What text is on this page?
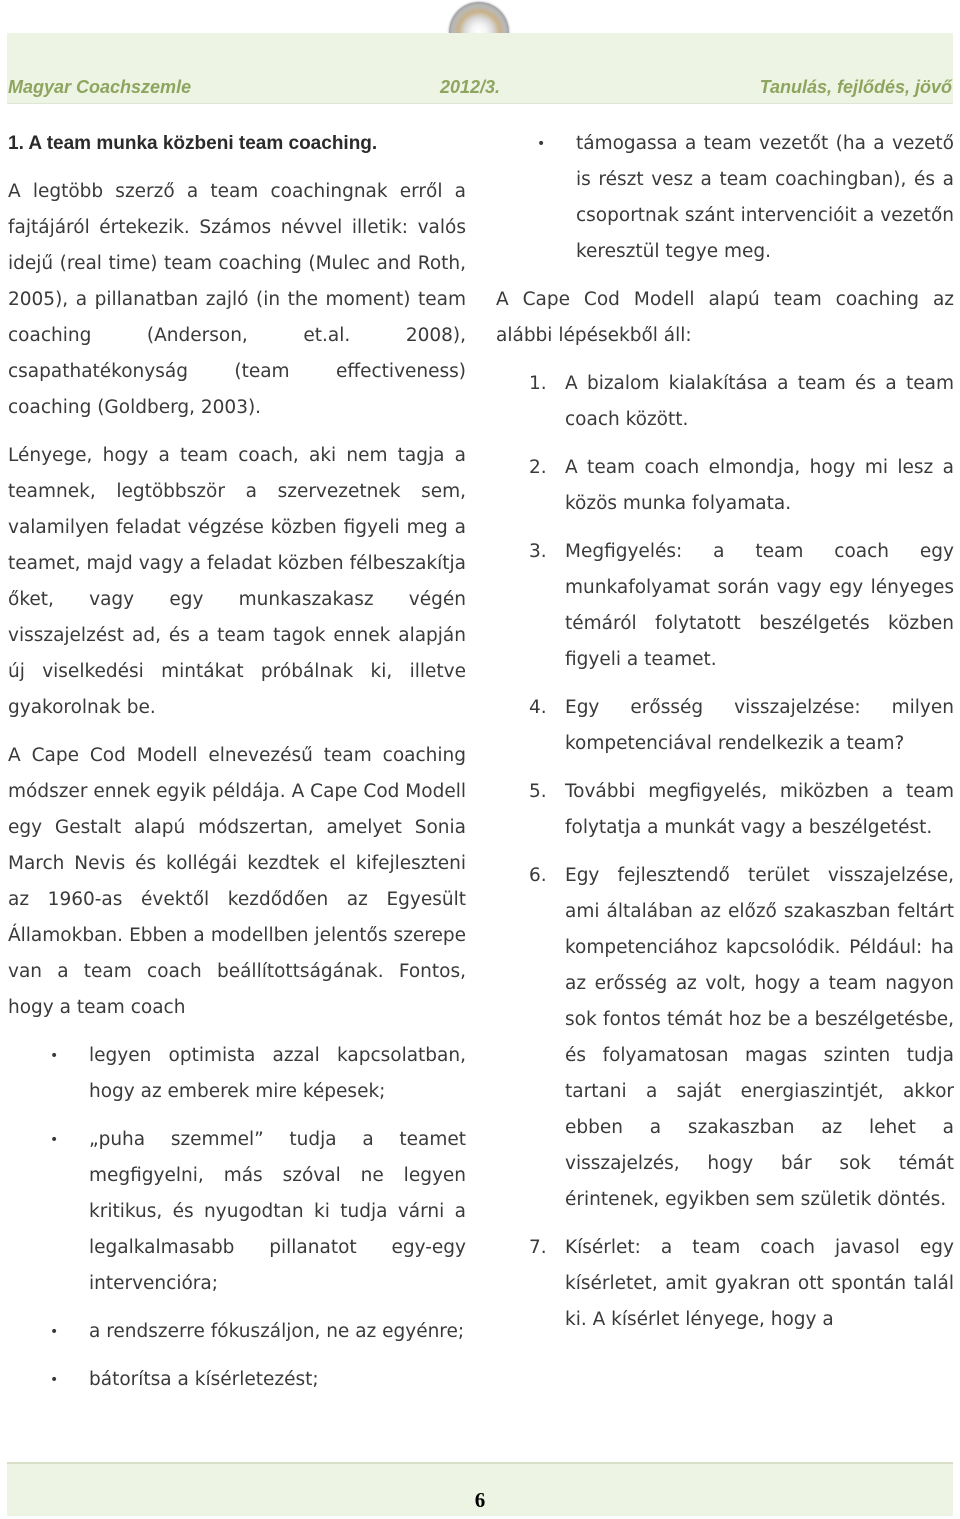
Magyar Coachszemle	2012/3.	Tanulás, fejlődés, jövő
1. A team munka közbeni team coaching.

A legtöbb szerző a team coachingnak erről a fajtájáról értekezik. Számos névvel illetik: valós idejű (real time) team coaching (Mulec and Roth, 2005), a pillanatban zajló (in the moment) team coaching (Anderson, et.al. 2008), csapathatékonyság (team effectiveness) coaching (Goldberg, 2003).

Lényege, hogy a team coach, aki nem tagja a teamnek, legtöbbször a szervezetnek sem, valamilyen feladat végzése közben figyeli meg a teamet, majd vagy a feladat közben félbeszakítja őket, vagy egy munkaszakasz végén visszajelzést ad, és a team tagok ennek alapján új viselkedési mintákat próbálnak ki, illetve gyakorolnak be.

A Cape Cod Modell elnevezésű team coaching módszer ennek egyik példája. A Cape Cod Modell egy Gestalt alapú módszertan, amelyet Sonia March Nevis és kollégái kezdtek el kifejleszteni az 1960-as évektől kezdődően az Egyesült Államokban. Ebben a modellben jelentős szerepe van a team coach beállítottságának. Fontos, hogy a team coach

• legyen optimista azzal kapcsolatban, hogy az emberek mire képesek;
• „puha szemmel” tudja a teamet megfigyelni, más szóval ne legyen kritikus, és nyugodtan ki tudja várni a legalkalmasabb pillanatot egy-egy intervencióra;
• a rendszerre fókuszáljon, ne az egyénre;
• bátorítsa a kísérletezést;
• támogassa a team vezetőt (ha a vezető is részt vesz a team coachingban), és a csoportnak szánt intervencióit a vezetőn keresztül tegye meg.

A Cape Cod Modell alapú team coaching az alábbi lépésekből áll:

1. A bizalom kialakítása a team és a team coach között.
2. A team coach elmondja, hogy mi lesz a közös munka folyamata.
3. Megfigyelés: a team coach egy munkafolyamat során vagy egy lényeges témáról folytatott beszélgetés közben figyeli a teamet.
4. Egy erősség visszajelzése: milyen kompetenciával rendelkezik a team?
5. További megfigyelés, miközben a team folytatja a munkát vagy a beszélgetést.
6. Egy fejlesztendő terület visszajelzése, ami általában az előző szakaszban feltárt kompetenciához kapcsolódik. Például: ha az erősség az volt, hogy a team nagyon sok fontos témát hoz be a beszélgetésbe, és folyamatosan magas szinten tudja tartani a saját energiaszintjét, akkor ebben a szakaszban az lehet a visszajelzés, hogy bár sok témát érintenek, egyikben sem születik döntés.
7. Kísérlet: a team coach javasol egy kísérletet, amit gyakran ott spontán talál ki. A kísérlet lényege, hogy a
6
